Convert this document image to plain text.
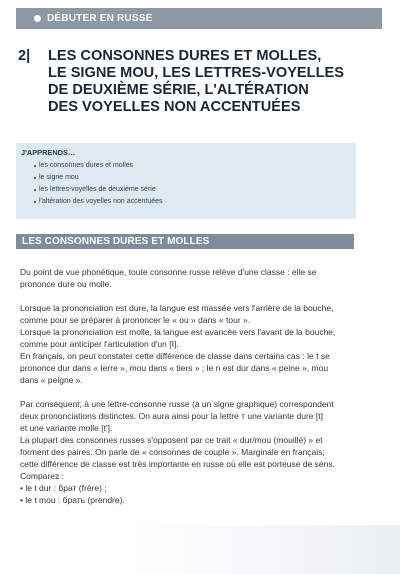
DÉBUTER EN RUSSE
2|	LES CONSONNES DURES ET MOLLES,
LE SIGNE MOU, LES LETTRES-VOYELLES
DE DEUXIÈME SÉRIE, L'ALTÉRATION
DES VOYELLES NON ACCENTUÉES
J'APPRENDS…
les consonnes dures et molles
le signe mou
les lettres-voyelles de deuxième série
l'altération des voyelles non accentuées
LES CONSONNES DURES ET MOLLES
Du point de vue phonétique, toute consonne russe relève d'une classe : elle se
prononce dure ou molle.
Lorsque la prononciation est dure, la langue est massée vers l'arrière de la bouche,
comme pour se préparer à prononcer le « ou » dans « tour ».
Lorsque la prononciation est molle, la langue est avancée vers l'avant de la bouche,
comme pour anticiper l'articulation d'un [I].
En français, on peut constater cette différence de classe dans certains cas : le t se
prononce dur dans « terre », mou dans « tiers » ; le n est dur dans « peine », mou
dans « peigne ».
Par conséquent, à une lettre-consonne russe (à un signe graphique) correspondent
deux prononciations distinctes. On aura ainsi pour la lettre т une variante dure [t]
et une variante molle [t'].
La plupart des consonnes russes s'opposent par ce trait « dur/mou (mouillé) » et
forment des paires. On parle de « consonnes de couple ». Marginale en français,
cette différence de classe est très importante en russe où elle est porteuse de sens.
Comparez :
• le t dur : брат (frère) ;
• le t mou : брать (prendre).
